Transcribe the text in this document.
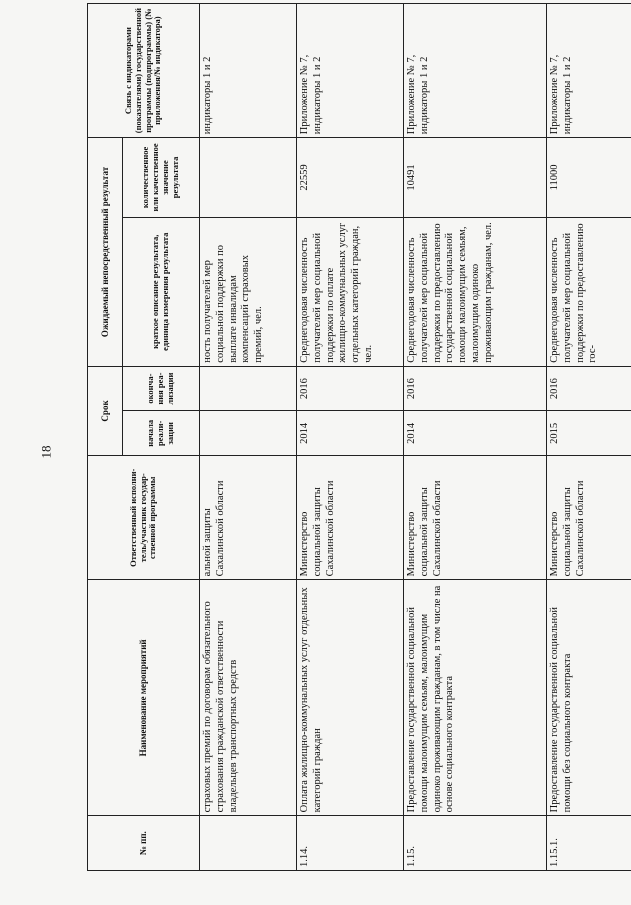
18
№ пп.	Наименование мероприятий	Ответственный исполни-тель/участник государ-ственной программы	Срок		Ожидаемый непосредственный результат		Связь с индикаторами (показателями) государственной программы (подпрограммы) (№ приложения/№ индикатора)
			начала реали-зации	оконча-ния реа-лизации	краткое описание результата, единица измерения результата	количественное или качественное значение результата	
	страховых премий по договорам обязательного страхования гражданской ответственности владельцев транспортных средств	альной защиты Сахалинской области			ность получателей мер социальной поддержки по выплате инвалидам компенсаций страховых премий, чел.		индикаторы 1 и 2
1.14.	Оплата жилищно-коммунальных услуг отдельных категорий граждан	Министерство социальной защиты Сахалинской области	2014	2016	Среднегодовая численность получателей мер социальной поддержки по оплате жилищно-коммунальных услуг отдельных категорий граждан, чел.	22559	Приложение № 7, индикаторы 1 и 2
1.15.	Предоставление государственной социальной помощи малоимущим семьям, малоимущим одиноко проживающим гражданам, в том числе на основе социального контракта	Министерство социальной защиты Сахалинской области	2014	2016	Среднегодовая численность получателей мер социальной поддержки по предоставлению государственной социальной помощи малоимущим семьям, малоимущим одиноко проживающим гражданам, чел.	10491	Приложение № 7, индикаторы 1 и 2
1.15.1.	Предоставление государственной социальной помощи без социального контракта	Министерство социальной защиты Сахалинской области	2015	2016	Среднегодовая численность получателей мер социальной поддержки по предоставлению гос-	11000	Приложение № 7, индикаторы 1 и 2
